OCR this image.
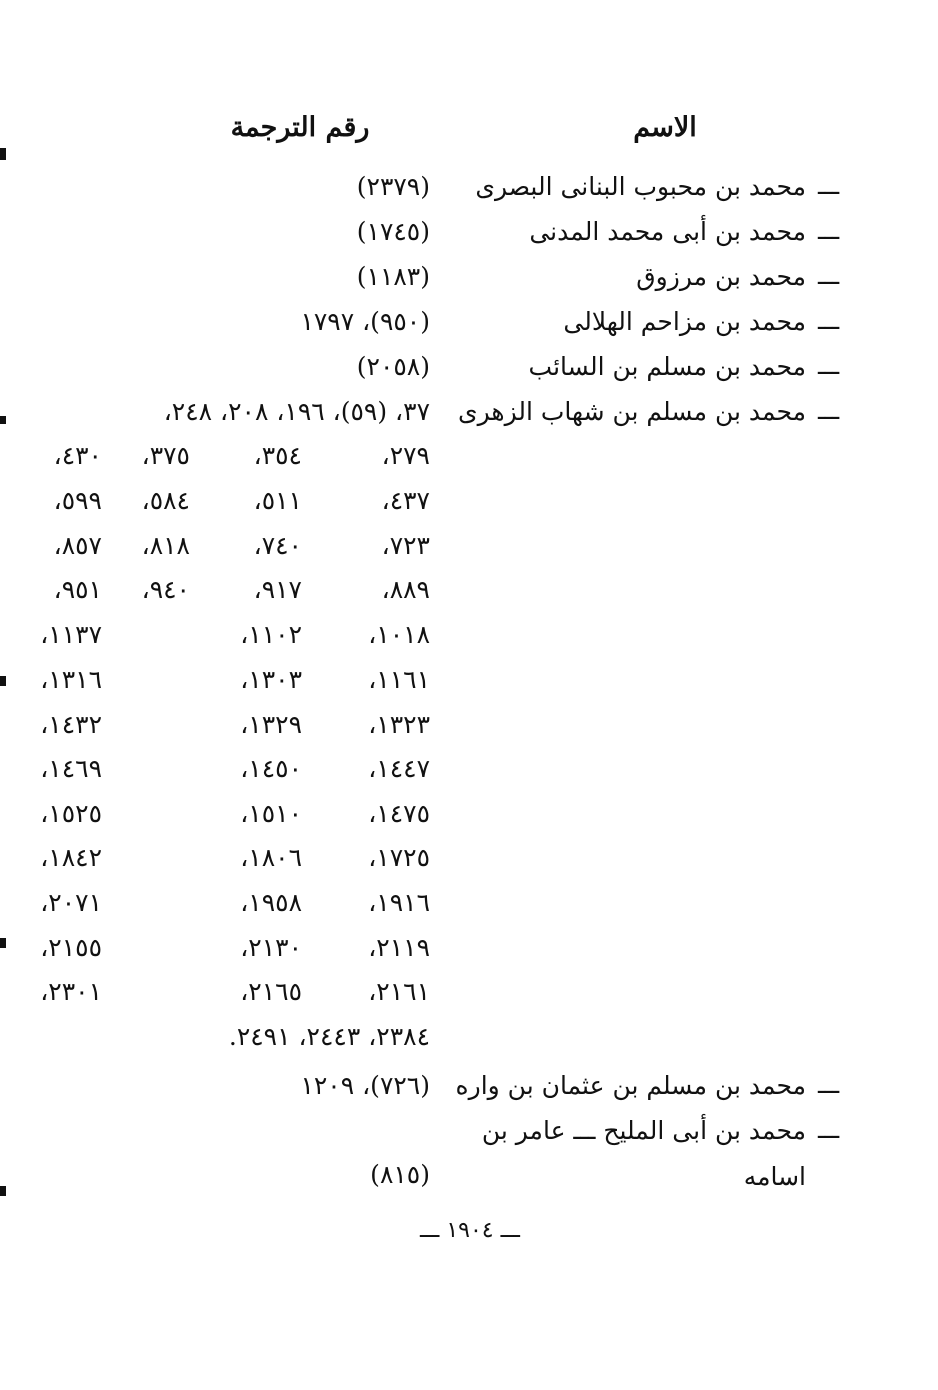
الاسم
رقم الترجمة
ـــ
محمد بن محبوب البنانى البصرى
(٢٣٧٩)
ـــ
محمد بن أبى محمد المدنى
(١٧٤٥)
ـــ
محمد بن مرزوق
(١١٨٣)
ـــ
محمد بن مزاحم الهلالى
(٩٥٠)، ١٧٩٧
ـــ
محمد بن مسلم بن السائب
(٢٠٥٨)
ـــ
محمد بن مسلم بن شهاب الزهرى
٣٧، (٥٩)، ١٩٦، ٢٠٨، ٢٤٨،
٢٧٩،
٣٥٤،
٣٧٥،
٤٣٠،
٤٣٧،
٥١١،
٥٨٤،
٥٩٩،
٧٢٣،
٧٤٠،
٨١٨،
٨٥٧،
٨٨٩،
٩١٧،
٩٤٠،
٩٥١،
١٠١٨،
١١٠٢،
١١٣٧،
١١٦١،
١٣٠٣،
١٣١٦،
١٣٢٣،
١٣٢٩،
١٤٣٢،
١٤٤٧،
١٤٥٠،
١٤٦٩،
١٤٧٥،
١٥١٠،
١٥٢٥،
١٧٢٥،
١٨٠٦،
١٨٤٢،
١٩١٦،
١٩٥٨،
٢٠٧١،
٢١١٩،
٢١٣٠،
٢١٥٥،
٢١٦١،
٢١٦٥،
٢٣٠١،
٢٣٨٤، ٢٤٤٣، ٢٤٩١.
ـــ
محمد بن مسلم بن عثمان بن واره
(٧٢٦)، ١٢٠٩
ـــ
محمد بن أبى المليح ـــ عامر بن
اسامه
(٨١٥)
ـــ ١٩٠٤ ـــ
